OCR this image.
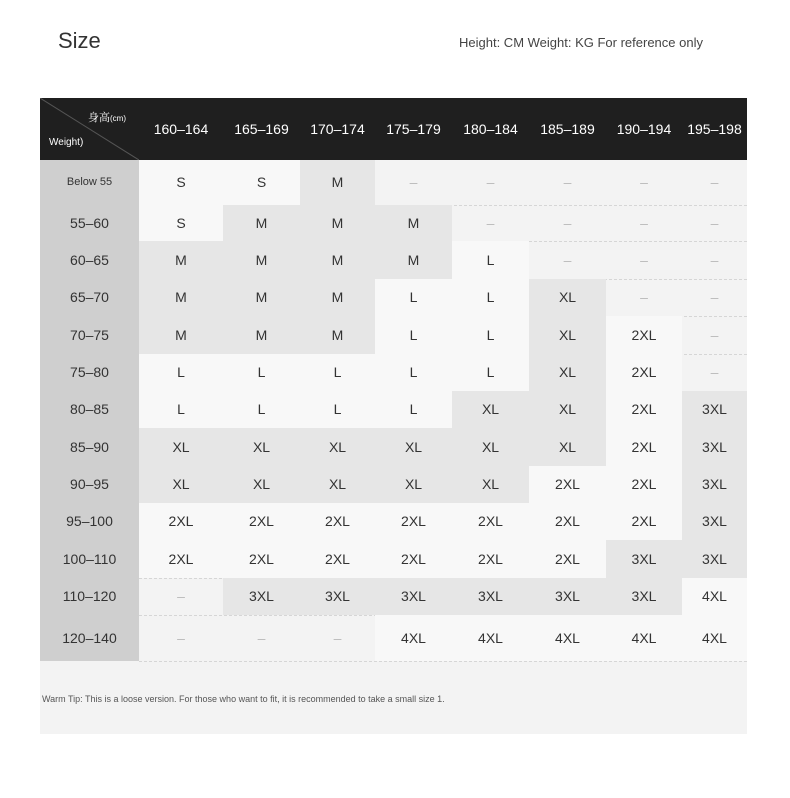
Size	Height: CM Weight: KG For reference only
身高(cm)
Weight)
160–164	165–169	170–174	175–179	180–184	185–189	190–194	195–198
Warm Tip: This is a loose version. For those who want to fit, it is recommended to take a small size 1.
Below 55	S	S	M	–	–	–	–	–
55–60	S	M	M	M	–	–	–	–
60–65	M	M	M	M	L	–	–	–
65–70	M	M	M	L	L	XL	–	–
70–75	M	M	M	L	L	XL	2XL	–
75–80	L	L	L	L	L	XL	2XL	–
80–85	L	L	L	L	XL	XL	2XL	3XL
85–90	XL	XL	XL	XL	XL	XL	2XL	3XL
90–95	XL	XL	XL	XL	XL	2XL	2XL	3XL
95–100	2XL	2XL	2XL	2XL	2XL	2XL	2XL	3XL
100–110	2XL	2XL	2XL	2XL	2XL	2XL	3XL	3XL
110–120	–	3XL	3XL	3XL	3XL	3XL	3XL	4XL
120–140	–	–	–	4XL	4XL	4XL	4XL	4XL
